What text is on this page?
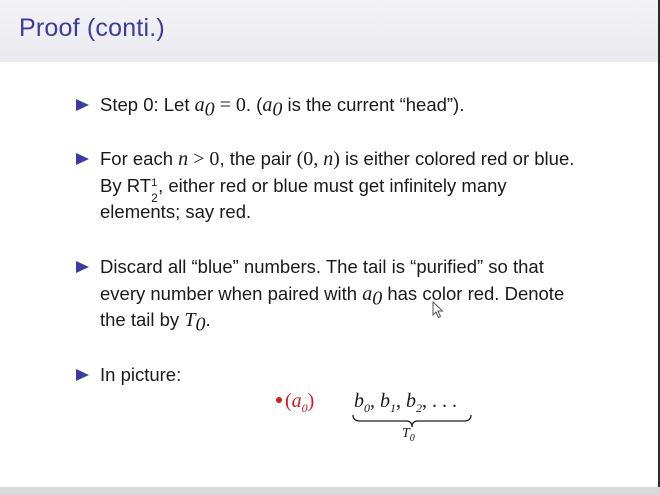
Proof (conti.)
Step 0: Let $a_0 = 0$. ($a_0$ is the current “head”).
For each n > 0, the pair (0, n) is either colored red or blue.
By RT 1
2
, either red or blue must get infinitely many
elements; say red.
Discard all “blue” numbers. The tail is “purified” so that
every number when paired with $a_0$ has color red. Denote
the tail by $T_0$.
In picture:
$(a_0)$ $b_0$, $b_1$, $b_2$, . . .
$T_0$
